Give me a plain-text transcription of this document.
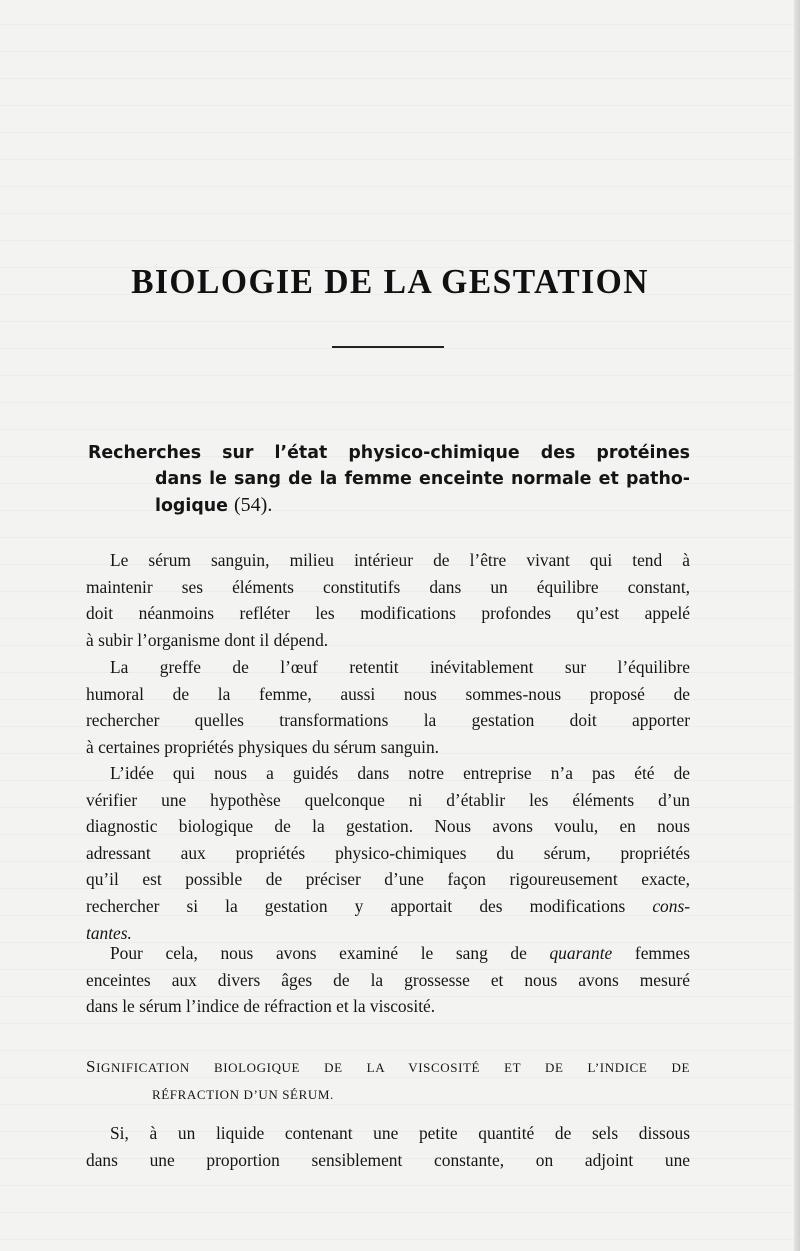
BIOLOGIE DE LA GESTATION
Recherches sur l’état physico-chimique des protéines
dans le sang de la femme enceinte normale et patho-
logique (54).
Le sérum sanguin, milieu intérieur de l’être vivant qui tend à
maintenir ses éléments constitutifs dans un équilibre constant,
doit néanmoins refléter les modifications profondes qu’est appelé
à subir l’organisme dont il dépend.
La greffe de l’œuf retentit inévitablement sur l’équilibre
humoral de la femme, aussi nous sommes-nous proposé de
rechercher quelles transformations la gestation doit apporter
à certaines propriétés physiques du sérum sanguin.
L’idée qui nous a guidés dans notre entreprise n’a pas été de
vérifier une hypothèse quelconque ni d’établir les éléments d’un
diagnostic biologique de la gestation. Nous avons voulu, en nous
adressant aux propriétés physico-chimiques du sérum, propriétés
qu’il est possible de préciser d’une façon rigoureusement exacte,
rechercher si la gestation y apportait des modifications cons-
tantes.
Pour cela, nous avons examiné le sang de quarante femmes
enceintes aux divers âges de la grossesse et nous avons mesuré
dans le sérum l’indice de réfraction et la viscosité.
SIGNIFICATION BIOLOGIQUE DE LA VISCOSITÉ ET DE L’INDICE DE
RÉFRACTION D’UN SÉRUM.
Si, à un liquide contenant une petite quantité de sels dissous
dans une proportion sensiblement constante, on adjoint une
